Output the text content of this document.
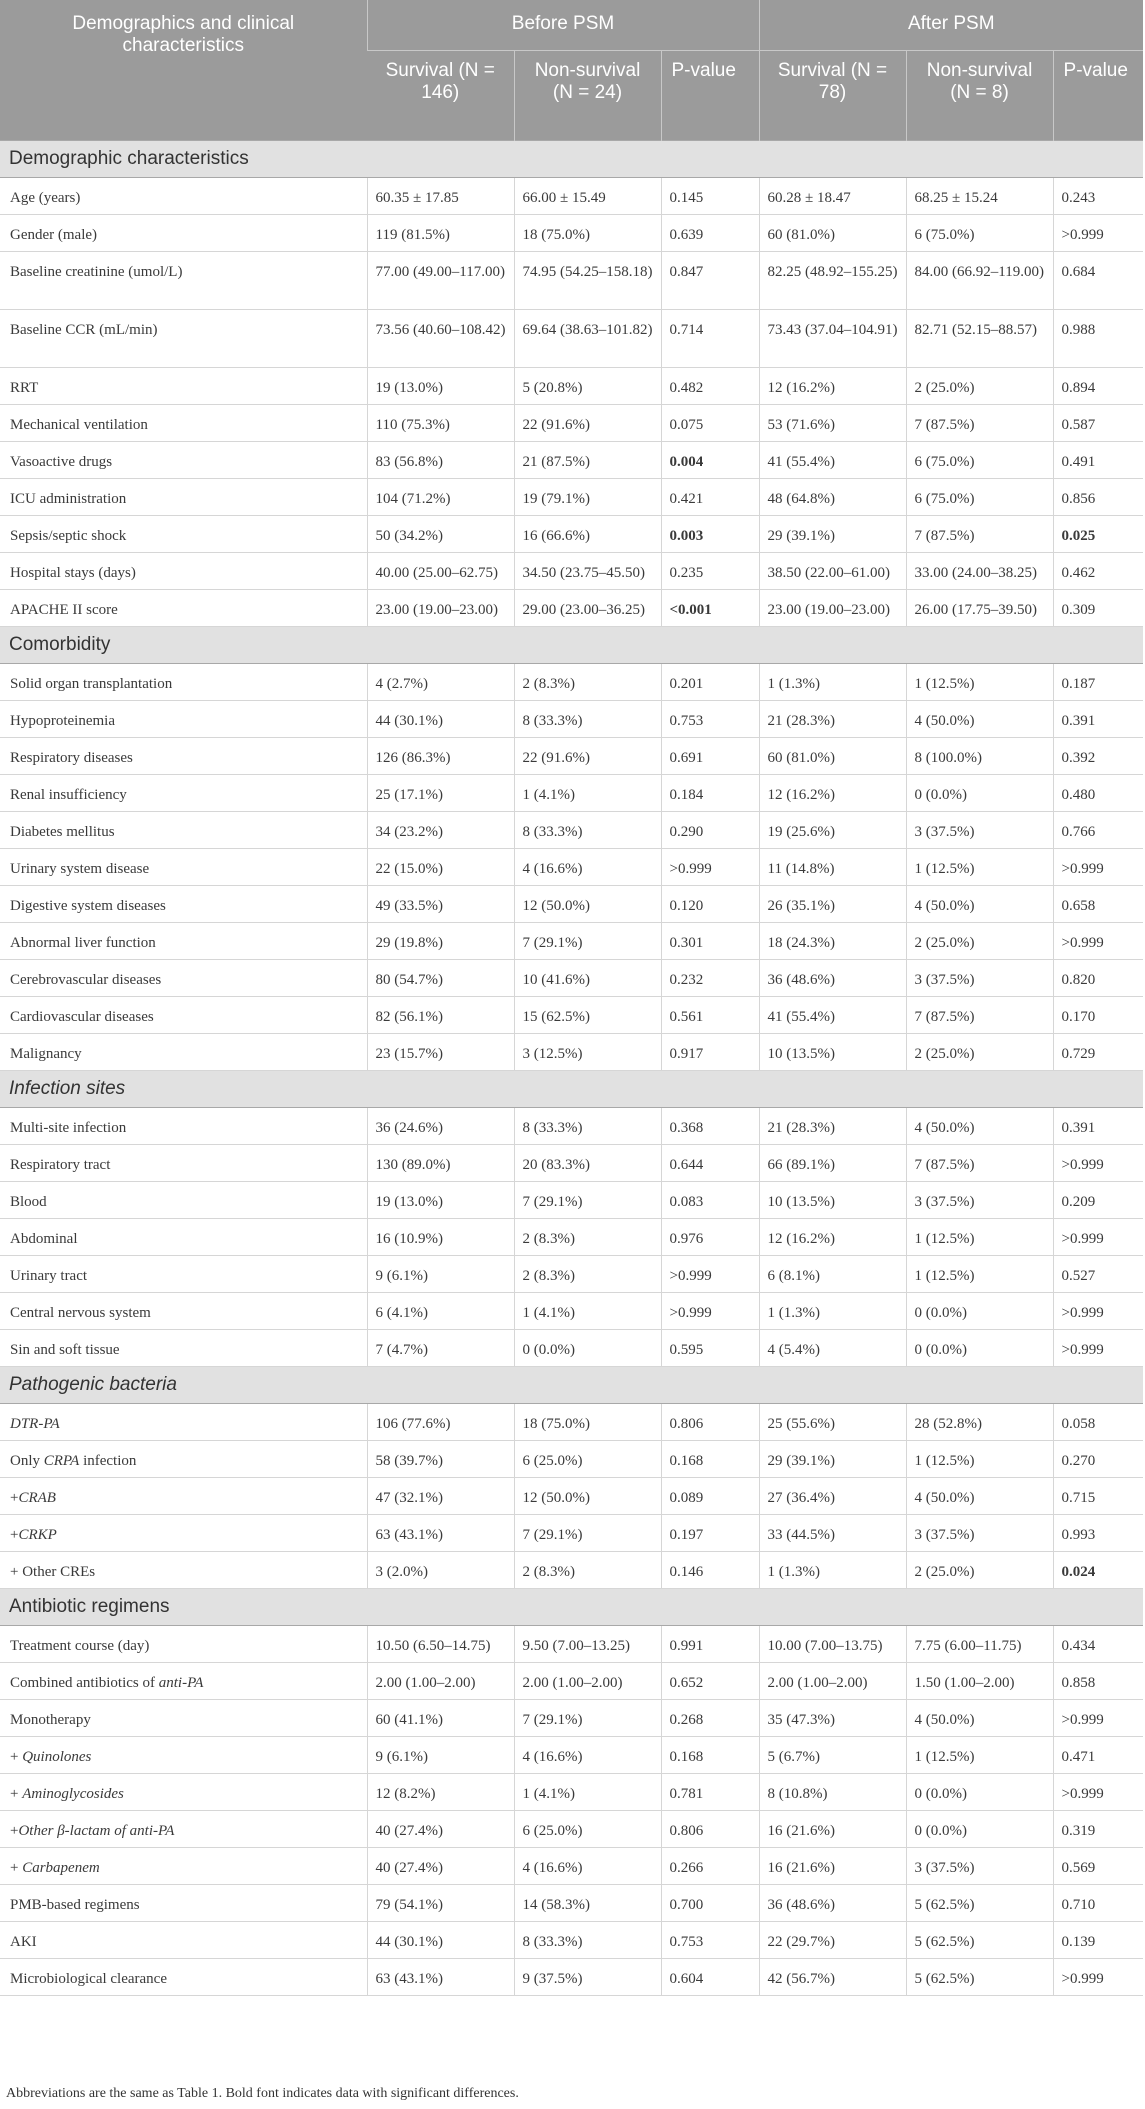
Demographics and clinical characteristics	Before PSM			After PSM		
	Survival (N = 146)	Non-survival (N = 24)	P-value	Survival (N = 78)	Non-survival (N = 8)	P-value
Demographic characteristics						
Age (years)	60.35 ± 17.85	66.00 ± 15.49	0.145	60.28 ± 18.47	68.25 ± 15.24	0.243
Gender (male)	119 (81.5%)	18 (75.0%)	0.639	60 (81.0%)	6 (75.0%)	>0.999
Baseline creatinine (umol/L)	77.00 (49.00–117.00)	74.95 (54.25–158.18)	0.847	82.25 (48.92–155.25)	84.00 (66.92–119.00)	0.684
Baseline CCR (mL/min)	73.56 (40.60–108.42)	69.64 (38.63–101.82)	0.714	73.43 (37.04–104.91)	82.71 (52.15–88.57)	0.988
RRT	19 (13.0%)	5 (20.8%)	0.482	12 (16.2%)	2 (25.0%)	0.894
Mechanical ventilation	110 (75.3%)	22 (91.6%)	0.075	53 (71.6%)	7 (87.5%)	0.587
Vasoactive drugs	83 (56.8%)	21 (87.5%)	0.004	41 (55.4%)	6 (75.0%)	0.491
ICU administration	104 (71.2%)	19 (79.1%)	0.421	48 (64.8%)	6 (75.0%)	0.856
Sepsis/septic shock	50 (34.2%)	16 (66.6%)	0.003	29 (39.1%)	7 (87.5%)	0.025
Hospital stays (days)	40.00 (25.00–62.75)	34.50 (23.75–45.50)	0.235	38.50 (22.00–61.00)	33.00 (24.00–38.25)	0.462
APACHE II score	23.00 (19.00–23.00)	29.00 (23.00–36.25)	<0.001	23.00 (19.00–23.00)	26.00 (17.75–39.50)	0.309
Comorbidity						
Solid organ transplantation	4 (2.7%)	2 (8.3%)	0.201	1 (1.3%)	1 (12.5%)	0.187
Hypoproteinemia	44 (30.1%)	8 (33.3%)	0.753	21 (28.3%)	4 (50.0%)	0.391
Respiratory diseases	126 (86.3%)	22 (91.6%)	0.691	60 (81.0%)	8 (100.0%)	0.392
Renal insufficiency	25 (17.1%)	1 (4.1%)	0.184	12 (16.2%)	0 (0.0%)	0.480
Diabetes mellitus	34 (23.2%)	8 (33.3%)	0.290	19 (25.6%)	3 (37.5%)	0.766
Urinary system disease	22 (15.0%)	4 (16.6%)	>0.999	11 (14.8%)	1 (12.5%)	>0.999
Digestive system diseases	49 (33.5%)	12 (50.0%)	0.120	26 (35.1%)	4 (50.0%)	0.658
Abnormal liver function	29 (19.8%)	7 (29.1%)	0.301	18 (24.3%)	2 (25.0%)	>0.999
Cerebrovascular diseases	80 (54.7%)	10 (41.6%)	0.232	36 (48.6%)	3 (37.5%)	0.820
Cardiovascular diseases	82 (56.1%)	15 (62.5%)	0.561	41 (55.4%)	7 (87.5%)	0.170
Malignancy	23 (15.7%)	3 (12.5%)	0.917	10 (13.5%)	2 (25.0%)	0.729
Infection sites						
Multi-site infection	36 (24.6%)	8 (33.3%)	0.368	21 (28.3%)	4 (50.0%)	0.391
Respiratory tract	130 (89.0%)	20 (83.3%)	0.644	66 (89.1%)	7 (87.5%)	>0.999
Blood	19 (13.0%)	7 (29.1%)	0.083	10 (13.5%)	3 (37.5%)	0.209
Abdominal	16 (10.9%)	2 (8.3%)	0.976	12 (16.2%)	1 (12.5%)	>0.999
Urinary tract	9 (6.1%)	2 (8.3%)	>0.999	6 (8.1%)	1 (12.5%)	0.527
Central nervous system	6 (4.1%)	1 (4.1%)	>0.999	1 (1.3%)	0 (0.0%)	>0.999
Sin and soft tissue	7 (4.7%)	0 (0.0%)	0.595	4 (5.4%)	0 (0.0%)	>0.999
Pathogenic bacteria						
DTR-PA	106 (77.6%)	18 (75.0%)	0.806	25 (55.6%)	28 (52.8%)	0.058
Only CRPA infection	58 (39.7%)	6 (25.0%)	0.168	29 (39.1%)	1 (12.5%)	0.270
+CRAB	47 (32.1%)	12 (50.0%)	0.089	27 (36.4%)	4 (50.0%)	0.715
+CRKP	63 (43.1%)	7 (29.1%)	0.197	33 (44.5%)	3 (37.5%)	0.993
+ Other CREs	3 (2.0%)	2 (8.3%)	0.146	1 (1.3%)	2 (25.0%)	0.024
Antibiotic regimens						
Treatment course (day)	10.50 (6.50–14.75)	9.50 (7.00–13.25)	0.991	10.00 (7.00–13.75)	7.75 (6.00–11.75)	0.434
Combined antibiotics of anti-PA	2.00 (1.00–2.00)	2.00 (1.00–2.00)	0.652	2.00 (1.00–2.00)	1.50 (1.00–2.00)	0.858
Monotherapy	60 (41.1%)	7 (29.1%)	0.268	35 (47.3%)	4 (50.0%)	>0.999
+ Quinolones	9 (6.1%)	4 (16.6%)	0.168	5 (6.7%)	1 (12.5%)	0.471
+ Aminoglycosides	12 (8.2%)	1 (4.1%)	0.781	8 (10.8%)	0 (0.0%)	>0.999
+Other β-lactam of anti-PA	40 (27.4%)	6 (25.0%)	0.806	16 (21.6%)	0 (0.0%)	0.319
+ Carbapenem	40 (27.4%)	4 (16.6%)	0.266	16 (21.6%)	3 (37.5%)	0.569
PMB-based regimens	79 (54.1%)	14 (58.3%)	0.700	36 (48.6%)	5 (62.5%)	0.710
AKI	44 (30.1%)	8 (33.3%)	0.753	22 (29.7%)	5 (62.5%)	0.139
Microbiological clearance	63 (43.1%)	9 (37.5%)	0.604	42 (56.7%)	5 (62.5%)	>0.999
Abbreviations are the same as Table 1. Bold font indicates data with significant differences.
